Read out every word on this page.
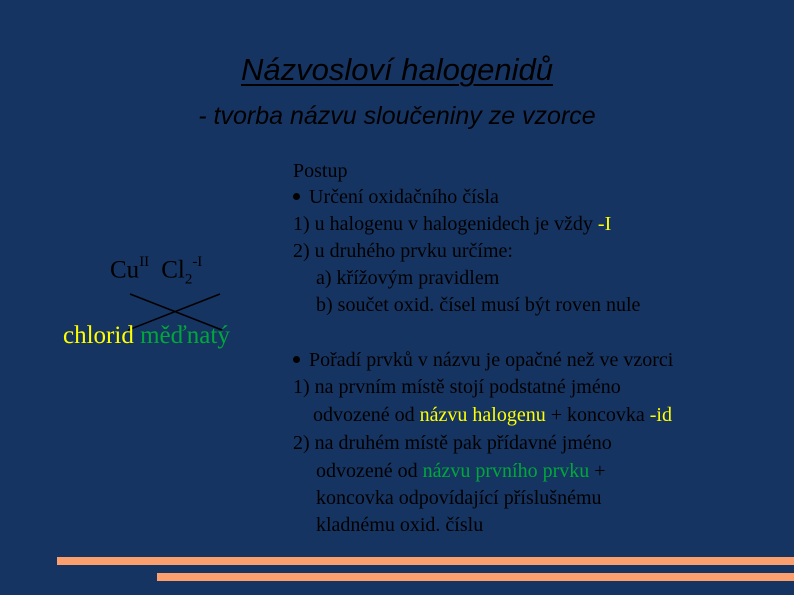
Názvosloví halogenidů
- tvorba názvu sloučeniny ze vzorce
$Cu^{II}$ $Cl_2^{-I}$
chlorid měďnatý
Postup
Určení oxidačního čísla
1) u halogenu v halogenidech je vždy -I
2) u druhého prvku určíme:
a) křížovým pravidlem
b) součet oxid. čísel musí být roven nule
Pořadí prvků v názvu je opačné než ve vzorci
1) na prvním místě stojí podstatné jméno
odvozené od názvu halogenu + koncovka -id
2) na druhém místě pak přídavné jméno
odvozené od názvu prvního prvku +
koncovka odpovídající příslušnému
kladnému oxid. číslu
